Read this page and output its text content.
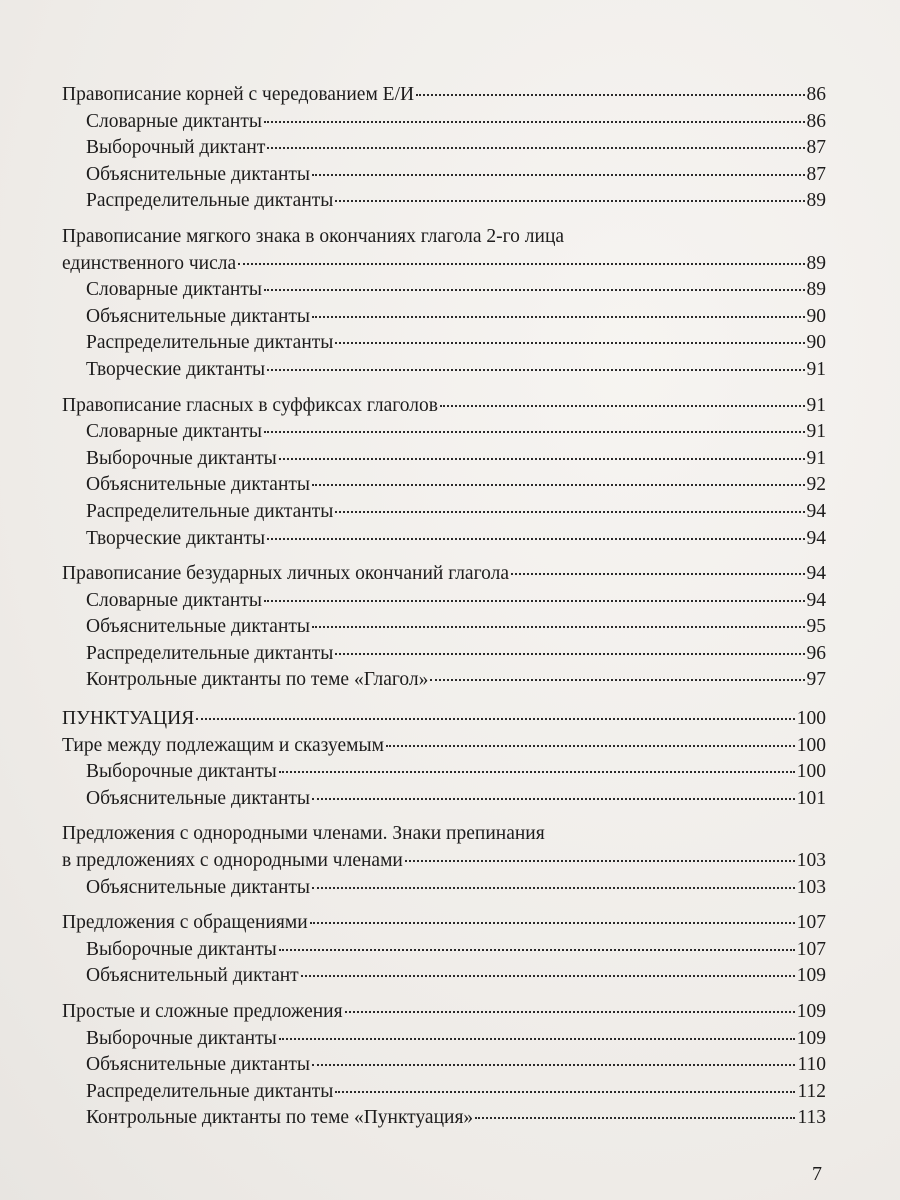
Правописание корней с чередованием Е/И	86
Словарные диктанты	86
Выборочный диктант	87
Объяснительные диктанты	87
Распределительные диктанты	89
Правописание мягкого знака в окончаниях глагола 2-го лица
единственного числа	89
Словарные диктанты	89
Объяснительные диктанты	90
Распределительные диктанты	90
Творческие диктанты	91
Правописание гласных в суффиксах глаголов	91
Словарные диктанты	91
Выборочные диктанты	91
Объяснительные диктанты	92
Распределительные диктанты	94
Творческие диктанты	94
Правописание безударных личных окончаний глагола	94
Словарные диктанты	94
Объяснительные диктанты	95
Распределительные диктанты	96
Контрольные диктанты по теме «Глагол»	97
ПУНКТУАЦИЯ	100
Тире между подлежащим и сказуемым	100
Выборочные диктанты	100
Объяснительные диктанты	101
Предложения с однородными членами. Знаки препинания
в предложениях с однородными членами	103
Объяснительные диктанты	103
Предложения с обращениями	107
Выборочные диктанты	107
Объяснительный диктант	109
Простые и сложные предложения	109
Выборочные диктанты	109
Объяснительные диктанты	110
Распределительные диктанты	112
Контрольные диктанты по теме «Пунктуация»	113
7
